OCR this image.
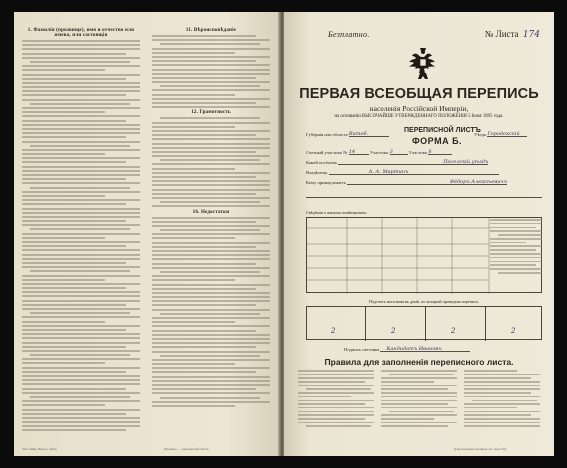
1. Фамилія (прозвище), имя и отчество или имена, или состоящія
11. Вѣроисповѣданіе
12. Грамотность
16. Недостатки
Тип. Мин. Внутр. Дѣлъ	Правила — переписной листъ
Безплатно.	№ Листа 174
ПЕРВАЯ ВСЕОБЩАЯ ПЕРЕПИСЬ
населенія Россійской Имперіи,
на основаніи ВЫСОЧАЙШЕ УТВЕРЖДЕННАГО ПОЛОЖЕНІЯ 5 Іюня 1895 года.
ПЕРЕПИСНОЙ ЛИСТЪ
ФОРМА Б.
Губернія или область Витеб.	Уѣздъ Городокскій
Счетный участокъ № 14	Участокъ 3	Участокъ 8
Какой посёлокъ	Поселскій уѣздъ
Владѣлецъ	А. А. Мартинъ
Кому принадлежитъ	Фёдоръ Алексѣевичъ
Свѣдѣнія о жилыхъ помѣщеніяхъ:
Подсчетъ населенія въ домѣ, по который проведена перепись.
2	2	2	2
Подпись счетчика Кандидатъ Ивановъ
Правила для заполненія переписного листа.
(Продолженіе правилъ на оборотѣ)
